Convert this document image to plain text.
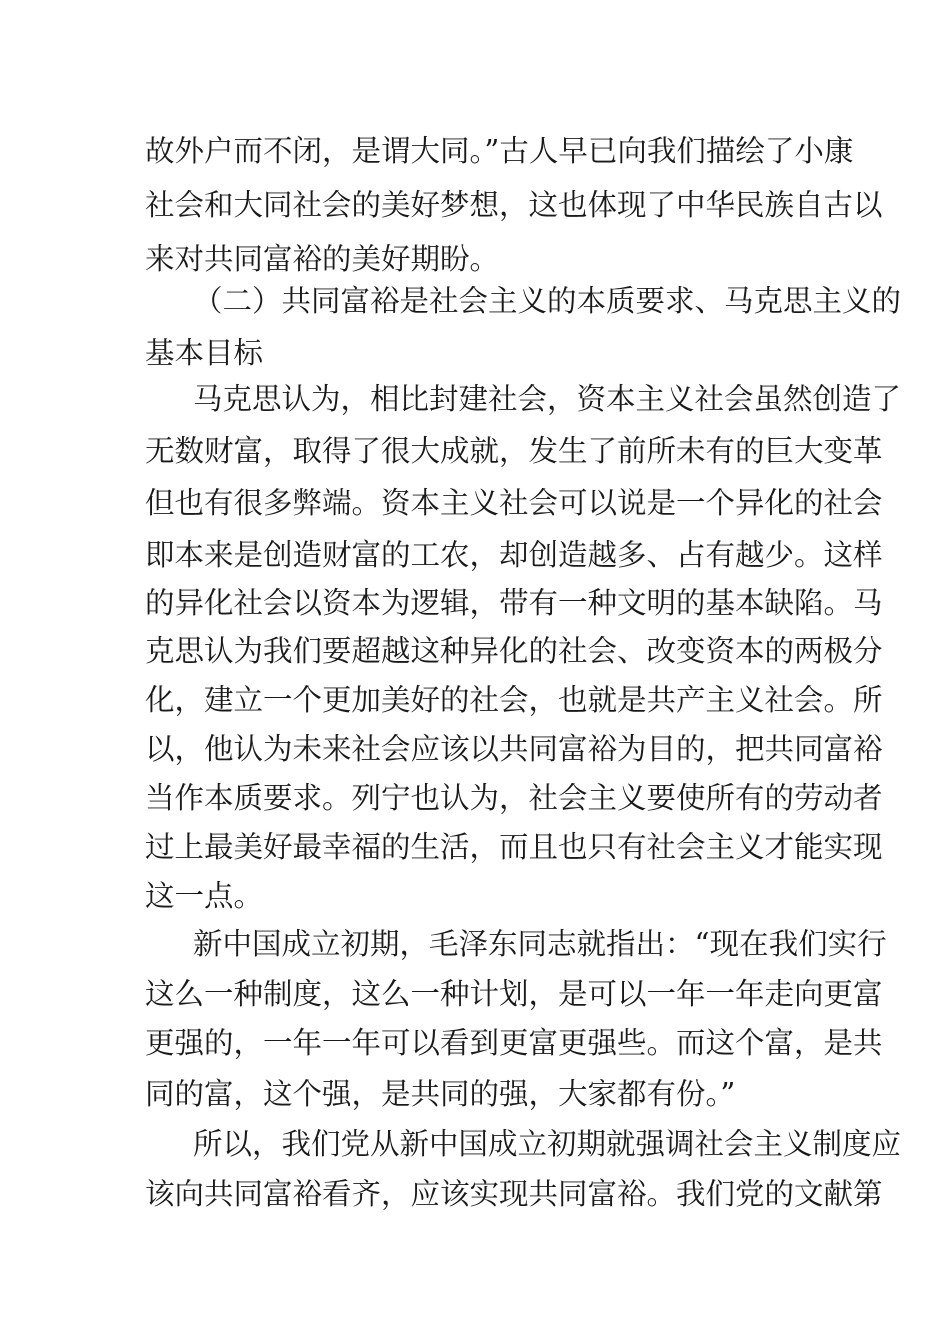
故外户而不闭，是谓大同。”古人早已向我们描绘了小康
社会和大同社会的美好梦想，这也体现了中华民族自古以
来对共同富裕的美好期盼。
（二）共同富裕是社会主义的本质要求、马克思主义的
基本目标
马克思认为，相比封建社会，资本主义社会虽然创造了
无数财富，取得了很大成就，发生了前所未有的巨大变革
但也有很多弊端。资本主义社会可以说是一个异化的社会
即本来是创造财富的工农，却创造越多、占有越少。这样
的异化社会以资本为逻辑，带有一种文明的基本缺陷。马
克思认为我们要超越这种异化的社会、改变资本的两极分
化，建立一个更加美好的社会，也就是共产主义社会。所
以，他认为未来社会应该以共同富裕为目的，把共同富裕
当作本质要求。列宁也认为，社会主义要使所有的劳动者
过上最美好最幸福的生活，而且也只有社会主义才能实现
这一点。
新中国成立初期，毛泽东同志就指出：“现在我们实行
这么一种制度，这么一种计划，是可以一年一年走向更富
更强的，一年一年可以看到更富更强些。而这个富，是共
同的富，这个强，是共同的强，大家都有份。”
所以，我们党从新中国成立初期就强调社会主义制度应
该向共同富裕看齐，应该实现共同富裕。我们党的文献第
